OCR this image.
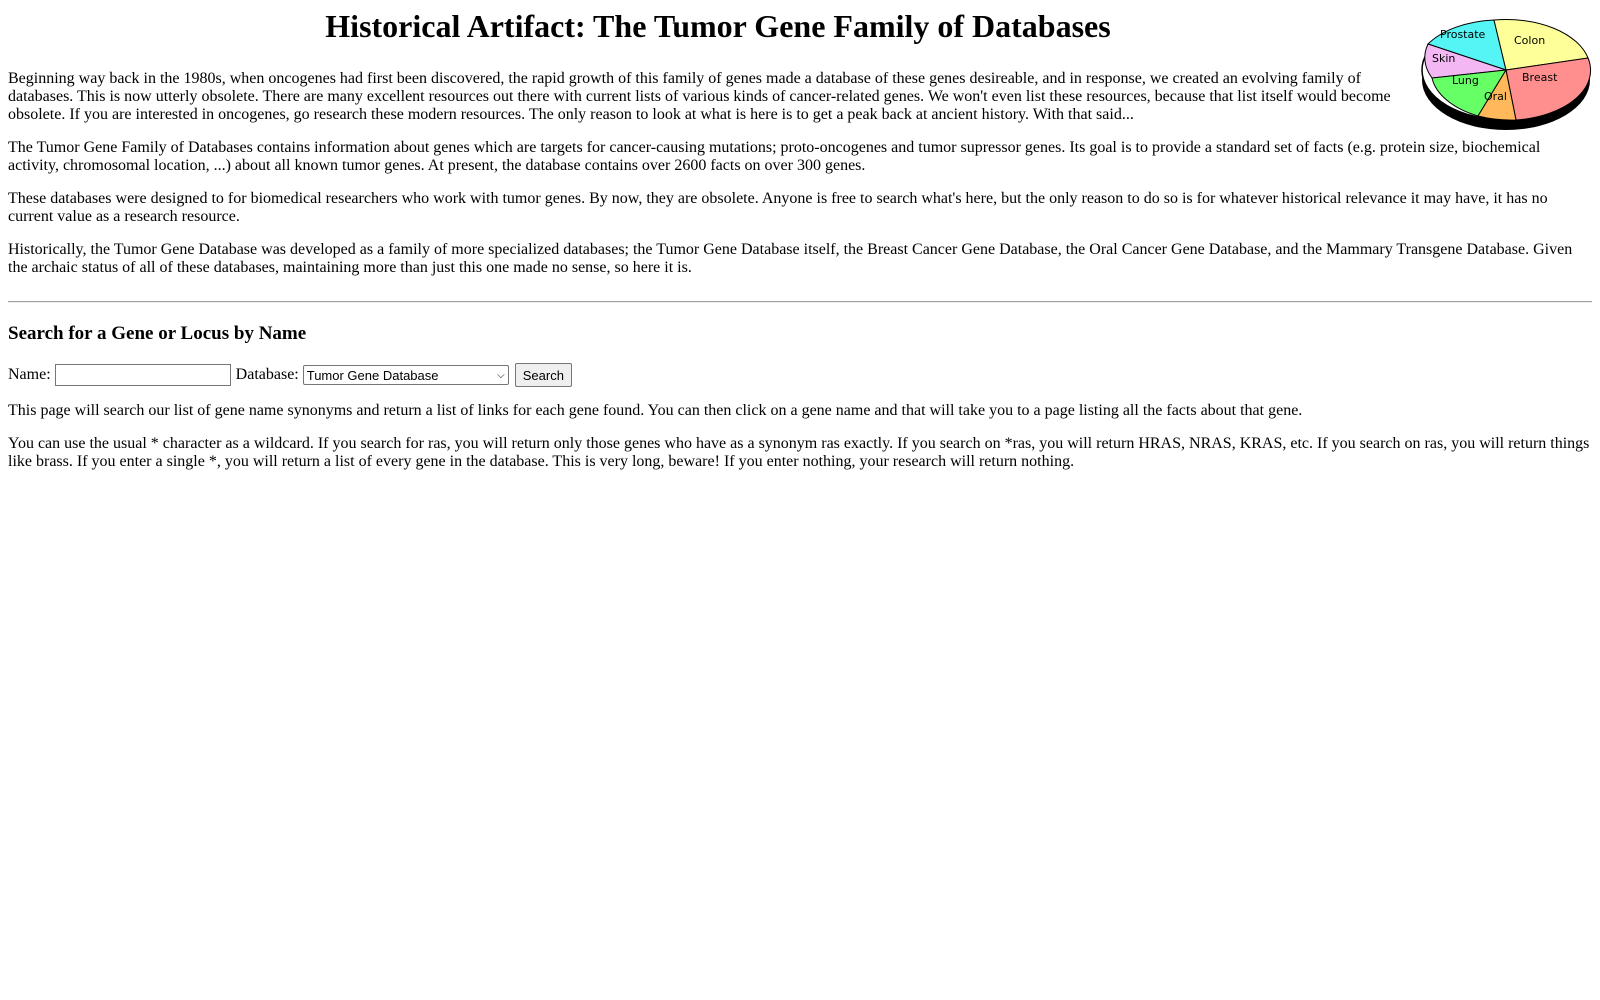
Prostate	Colon
Skin
Breast
Lung
Oral
Historical Artifact: The Tumor Gene Family of Databases

Beginning way back in the 1980s, when oncogenes had first been discovered, the rapid growth of this family of genes made a database of these genes desireable, and in response, we created an evolving family of databases. This is now utterly obsolete. There are many excellent resources out there with current lists of various kinds of cancer-related genes. We won't even list these resources, because that list itself would become obsolete. If you are interested in oncogenes, go research these modern resources. The only reason to look at what is here is to get a peak back at ancient history. With that said...

The Tumor Gene Family of Databases contains information about genes which are targets for cancer-causing mutations; proto-oncogenes and tumor supressor genes. Its goal is to provide a standard set of facts (e.g. protein size, biochemical activity, chromosomal location, ...) about all known tumor genes. At present, the database contains over 2600 facts on over 300 genes.

These databases were designed to for biomedical researchers who work with tumor genes. By now, they are obsolete. Anyone is free to search what's here, but the only reason to do so is for whatever historical relevance it may have, it has no current value as a research resource.

Historically, the Tumor Gene Database was developed as a family of more specialized databases; the Tumor Gene Database itself, the Breast Cancer Gene Database, the Oral Cancer Gene Database, and the Mammary Transgene Database. Given the archaic status of all of these databases, maintaining more than just this one made no sense, so here it is.

Search for a Gene or Locus by Name
Name:	Database: Tumor Gene Database	⌵	Search

This page will search our list of gene name synonyms and return a list of links for each gene found. You can then click on a gene name and that will take you to a page listing all the facts about that gene.

You can use the usual * character as a wildcard. If you search for ras, you will return only those genes who have as a synonym ras exactly. If you search on *ras, you will return HRAS, NRAS, KRAS, etc. If you search on ras, you will return things like brass. If you enter a single *, you will return a list of every gene in the database. This is very long, beware! If you enter nothing, your research will return nothing.
